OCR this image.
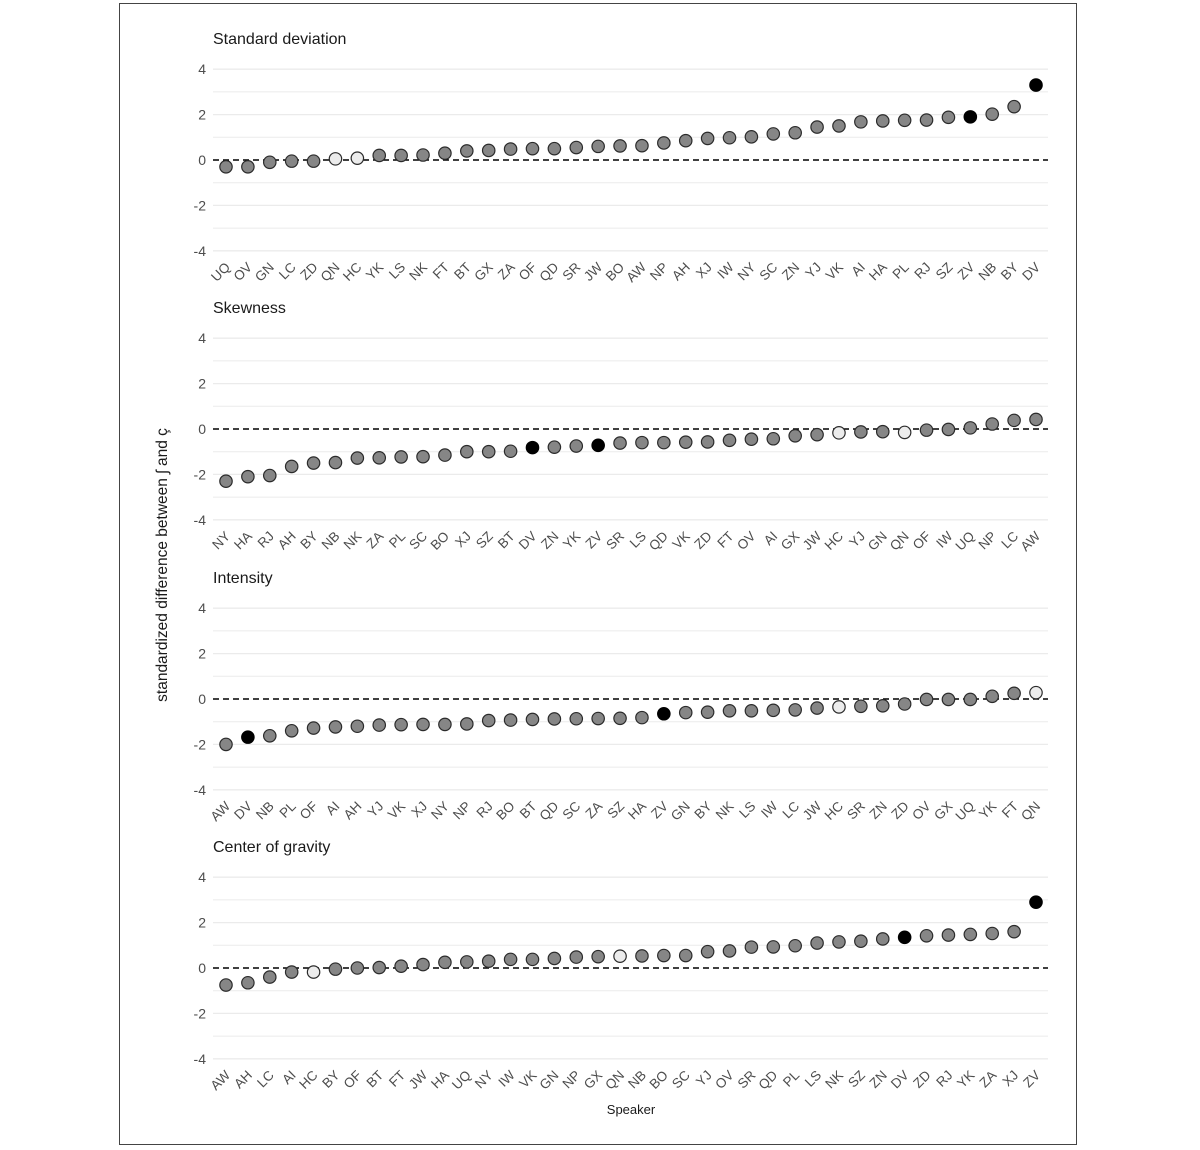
standardized difference between ʃ and ç
Speaker
Standard deviation
4
2
0
-2
-4
UQ
OV
GN LC
ZD
QN
HC
YK LS
NK FT BT
GX ZA
OF
QD
SR
JW
BO
AW
NP
AH XJ IW
NY
SC
ZN YJ
VK AI
HA PL RJ SZ ZV
NB
BY
DV
Skewness
4
2
0
-2
-4
NY
HA RJ
AH
BY
NB
NK ZA PL
SC
BO XJ SZ BT
DV
ZN
YK ZV
SR LS
QD
VK
ZD FT
OV AI
GX
JW
HC YJ
GN
QN
OF IW
UQ
NP LC
AW
Intensity
4
2
0
-2
-4
AW
DV
NB PL
OF AI
AH YJ
VK XJ
NY
NP RJ
BO BT
QD
SC ZA SZ
HA ZV
GN
BY
NK LS IW LC
JW
HC
SR
ZN
ZD
OV
GX
UQ
YK FT
QN
Center of gravity
4
2
0
-2
-4
AW
AH LC AI
HC
BY
OF BT FT
JW
HA
UQ
NY IW
VK
GN
NP
GX
QN
NB
BO
SC YJ
OV
SR
QD PL LS
NK SZ
ZN
DV
ZD RJ
YK ZA XJ ZV
